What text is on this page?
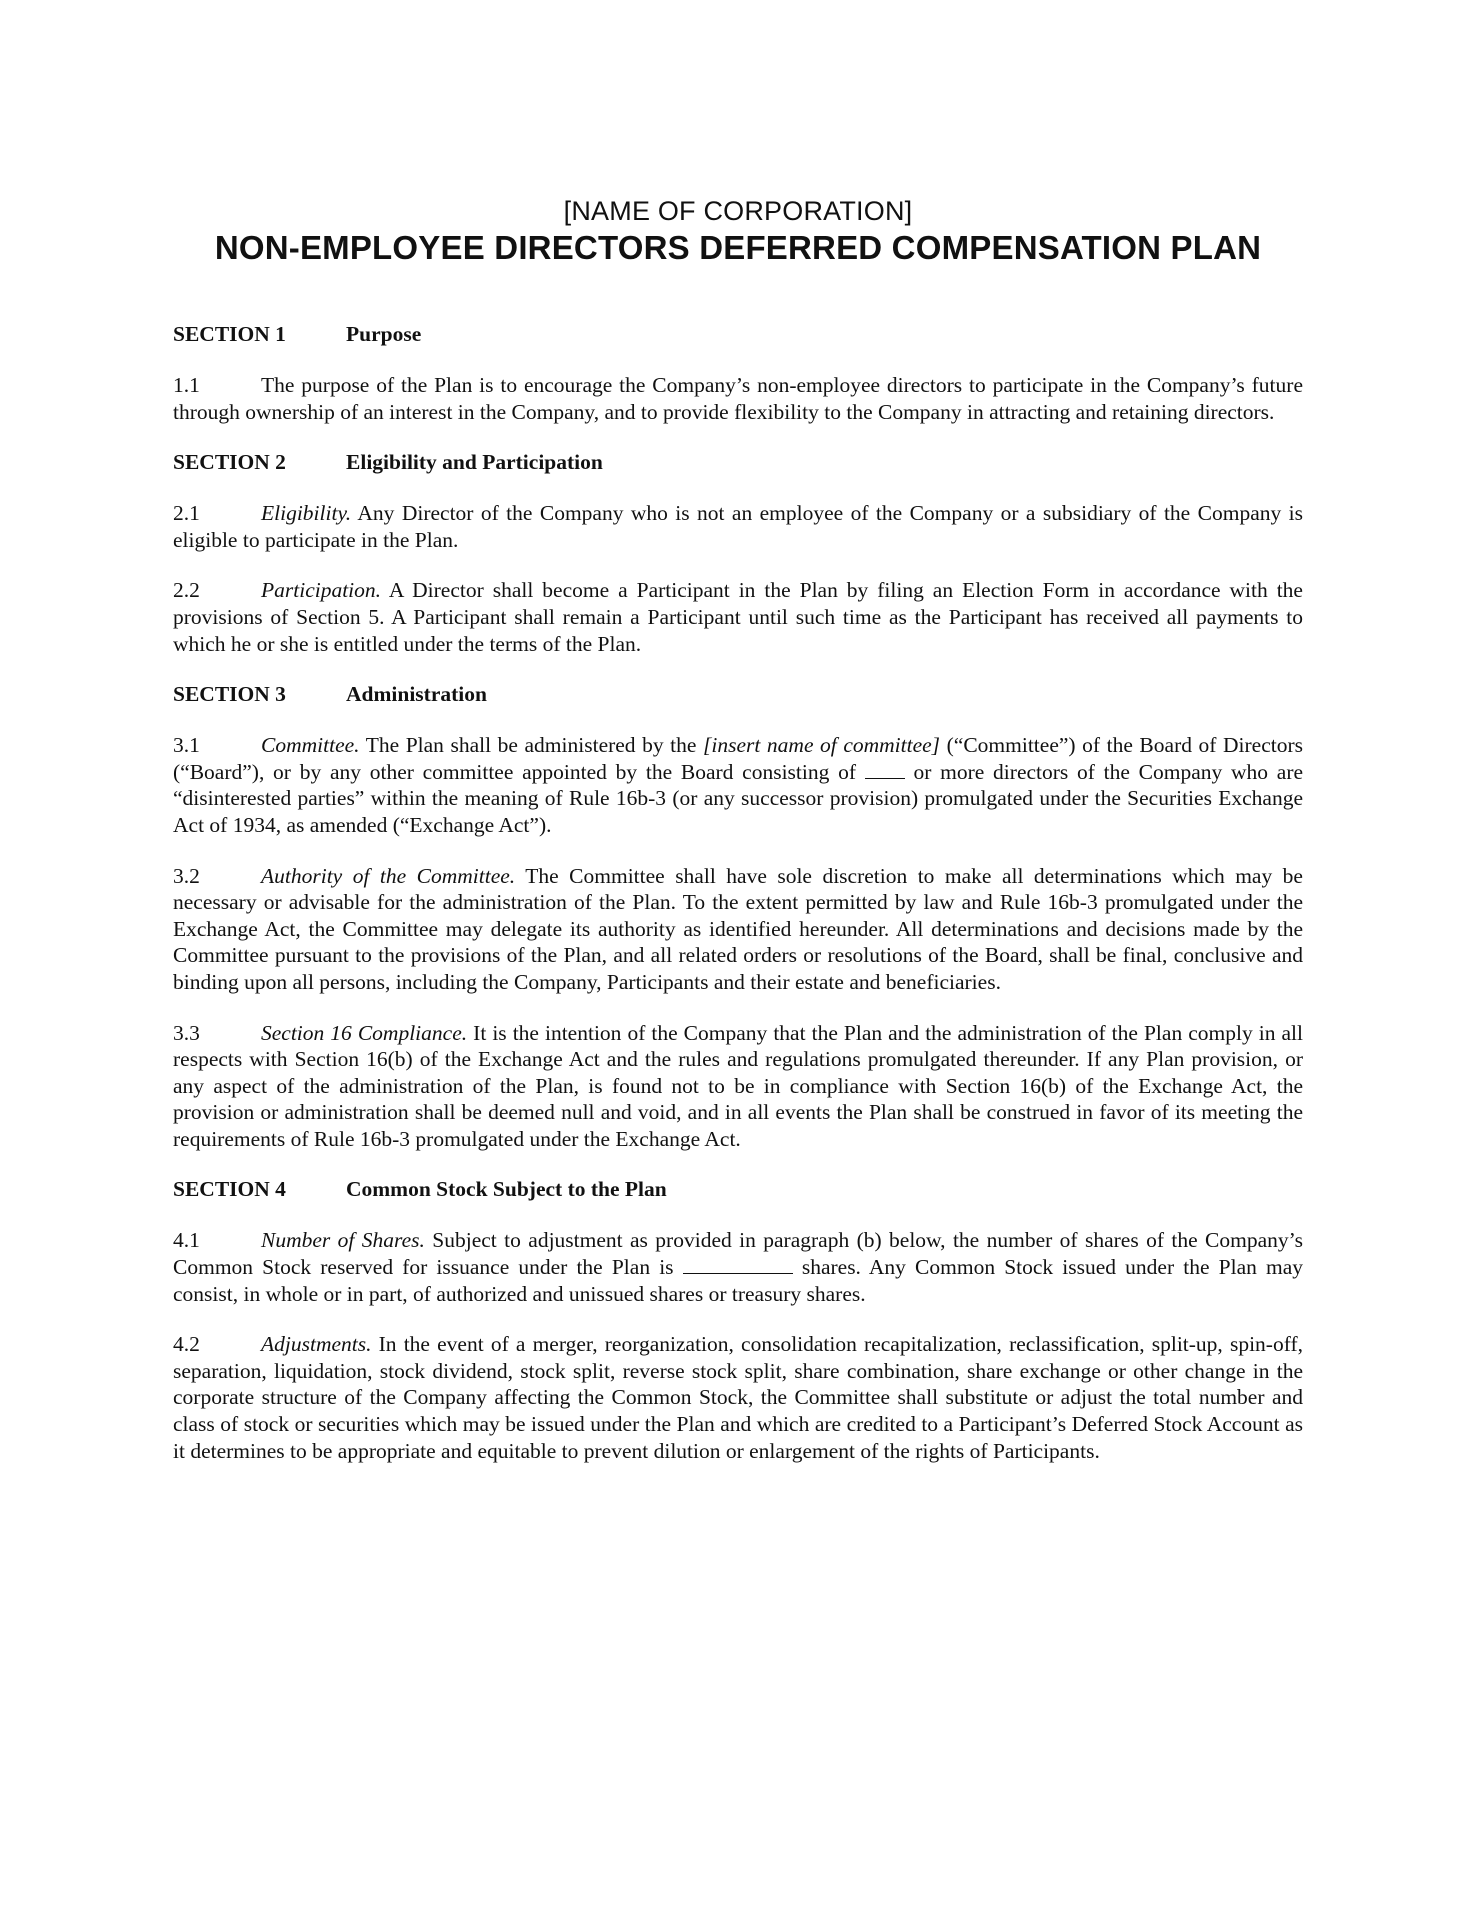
[NAME OF CORPORATION]
NON-EMPLOYEE DIRECTORS DEFERRED COMPENSATION PLAN
SECTION 1	Purpose

1.1	The purpose of the Plan is to encourage the Company’s non-employee directors to participate in the Company’s future through ownership of an interest in the Company, and to provide flexibility to the Company in attracting and retaining directors.

SECTION 2	Eligibility and Participation

2.1	Eligibility. Any Director of the Company who is not an employee of the Company or a subsidiary of the Company is eligible to participate in the Plan.

2.2	Participation. A Director shall become a Participant in the Plan by filing an Election Form in accordance with the provisions of Section 5. A Participant shall remain a Participant until such time as the Participant has received all payments to which he or she is entitled under the terms of the Plan.

SECTION 3	Administration

3.1	Committee. The Plan shall be administered by the [insert name of committee] (“Committee”) of the Board of Directors (“Board”), or by any other committee appointed by the Board consisting of	or more directors of the Company who are “disinterested parties” within the meaning of Rule 16b-3 (or any successor provision) promulgated under the Securities Exchange Act of 1934, as amended (“Exchange Act”).

3.2	Authority of the Committee. The Committee shall have sole discretion to make all determinations which may be necessary or advisable for the administration of the Plan. To the extent permitted by law and Rule 16b-3 promulgated under the Exchange Act, the Committee may delegate its authority as identified hereunder. All determinations and decisions made by the Committee pursuant to the provisions of the Plan, and all related orders or resolutions of the Board, shall be final, conclusive and binding upon all persons, including the Company, Participants and their estate and beneficiaries.

3.3	Section 16 Compliance. It is the intention of the Company that the Plan and the administration of the Plan comply in all respects with Section 16(b) of the Exchange Act and the rules and regulations promulgated thereunder. If any Plan provision, or any aspect of the administration of the Plan, is found not to be in compliance with Section 16(b) of the Exchange Act, the provision or administration shall be deemed null and void, and in all events the Plan shall be construed in favor of its meeting the requirements of Rule 16b-3 promulgated under the Exchange Act.

SECTION 4	Common Stock Subject to the Plan

4.1	Number of Shares. Subject to adjustment as provided in paragraph (b) below, the number of shares of the Company’s Common Stock reserved for issuance under the Plan is	shares. Any Common Stock issued under the Plan may consist, in whole or in part, of authorized and unissued shares or treasury shares.

4.2	Adjustments. In the event of a merger, reorganization, consolidation recapitalization, reclassification, split-up, spin-off, separation, liquidation, stock dividend, stock split, reverse stock split, share combination, share exchange or other change in the corporate structure of the Company affecting the Common Stock, the Committee shall substitute or adjust the total number and class of stock or securities which may be issued under the Plan and which are credited to a Participant’s Deferred Stock Account as it determines to be appropriate and equitable to prevent dilution or enlargement of the rights of Participants.
